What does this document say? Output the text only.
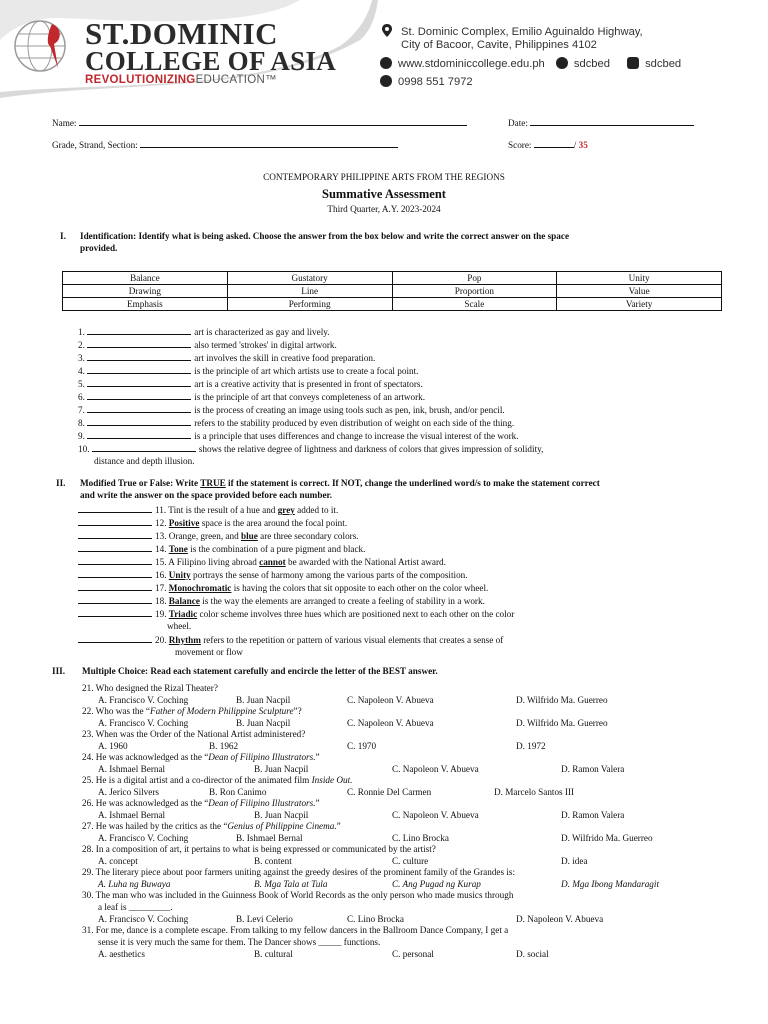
ST.DOMINIC
COLLEGE OF ASIA
REVOLUTIONIZINGEDUCATION™
St. Dominic Complex, Emilio Aguinaldo Highway,
City of Bacoor, Cavite, Philippines 4102
www.stdominiccollege.edu.ph	sdcbed	sdcbed
0998 551 7972
Name:	Date:
Grade, Strand, Section:	Score:	/ 35
CONTEMPORARY PHILIPPINE ARTS FROM THE REGIONS
Summative Assessment
Third Quarter, A.Y. 2023-2024
I. Identification: Identify what is being asked. Choose the answer from the box below and write the correct answer on the space
provided.
Balance	Gustatory	Pop	Unity
Drawing	Line	Proportion	Value
Emphasis	Performing	Scale	Variety
1.	art is characterized as gay and lively.
2.	also termed 'strokes' in digital artwork.
3.	art involves the skill in creative food preparation.
4.	is the principle of art which artists use to create a focal point.
5.	art is a creative activity that is presented in front of spectators.
6.	is the principle of art that conveys completeness of an artwork.
7.	is the process of creating an image using tools such as pen, ink, brush, and/or pencil.
8.	refers to the stability produced by even distribution of weight on each side of the thing.
9.	is a principle that uses differences and change to increase the visual interest of the work.
10.	shows the relative degree of lightness and darkness of colors that gives impression of solidity,
distance and depth illusion.
II. Modified True or False: Write TRUE if the statement is correct. If NOT, change the underlined word/s to make the statement correct
and write the answer on the space provided before each number.
11. Tint is the result of a hue and grey added to it.
12. Positive space is the area around the focal point.
13. Orange, green, and blue are three secondary colors.
14. Tone is the combination of a pure pigment and black.
15. A Filipino living abroad cannot be awarded with the National Artist award.
16. Unity portrays the sense of harmony among the various parts of the composition.
17. Monochromatic is having the colors that sit opposite to each other on the color wheel.
18. Balance is the way the elements are arranged to create a feeling of stability in a work.
19. Triadic color scheme involves three hues which are positioned next to each other on the color
wheel.
20. Rhythm refers to the repetition or pattern of various visual elements that creates a sense of
movement or flow
III. Multiple Choice: Read each statement carefully and encircle the letter of the BEST answer.
21. Who designed the Rizal Theater?
A. Francisco V. Coching	B. Juan Nacpil	C. Napoleon V. Abueva	D. Wilfrido Ma. Guerreo
22. Who was the “Father of Modern Philippine Sculpture”?
A. Francisco V. Coching	B. Juan Nacpil	C. Napoleon V. Abueva	D. Wilfrido Ma. Guerreo
23. When was the Order of the National Artist administered?
A. 1960	B. 1962	C. 1970	D. 1972
24. He was acknowledged as the “Dean of Filipino Illustrators.”
A. Ishmael Bernal	B. Juan Nacpil	C. Napoleon V. Abueva	D. Ramon Valera
25. He is a digital artist and a co-director of the animated film Inside Out.
A. Jerico Silvers	B. Ron Canimo	C. Ronnie Del Carmen	D. Marcelo Santos III
26. He was acknowledged as the “Dean of Filipino Illustrators.”
A. Ishmael Bernal	B. Juan Nacpil	C. Napoleon V. Abueva	D. Ramon Valera
27. He was hailed by the critics as the “Genius of Philippine Cinema.”
A. Francisco V. Coching	B. Ishmael Bernal	C. Lino Brocka	D. Wilfrido Ma. Guerreo
28. In a composition of art, it pertains to what is being expressed or communicated by the artist?
A. concept	B. content	C. culture	D. idea
29. The literary piece about poor farmers uniting against the greedy desires of the prominent family of the Grandes is:
A. Luha ng Buwaya	B. Mga Tala at Tula	C. Ang Pugad ng Kurap	D. Mga Ibong Mandaragit
30. The man who was included in the Guinness Book of World Records as the only person who made musics through
a leaf is _________.
A. Francisco V. Coching	B. Levi Celerio	C. Lino Brocka	D. Napoleon V. Abueva
31. For me, dance is a complete escape. From talking to my fellow dancers in the Ballroom Dance Company, I get a
sense it is very much the same for them. The Dancer shows _____ functions.
A. aesthetics	B. cultural	C. personal	D. social
